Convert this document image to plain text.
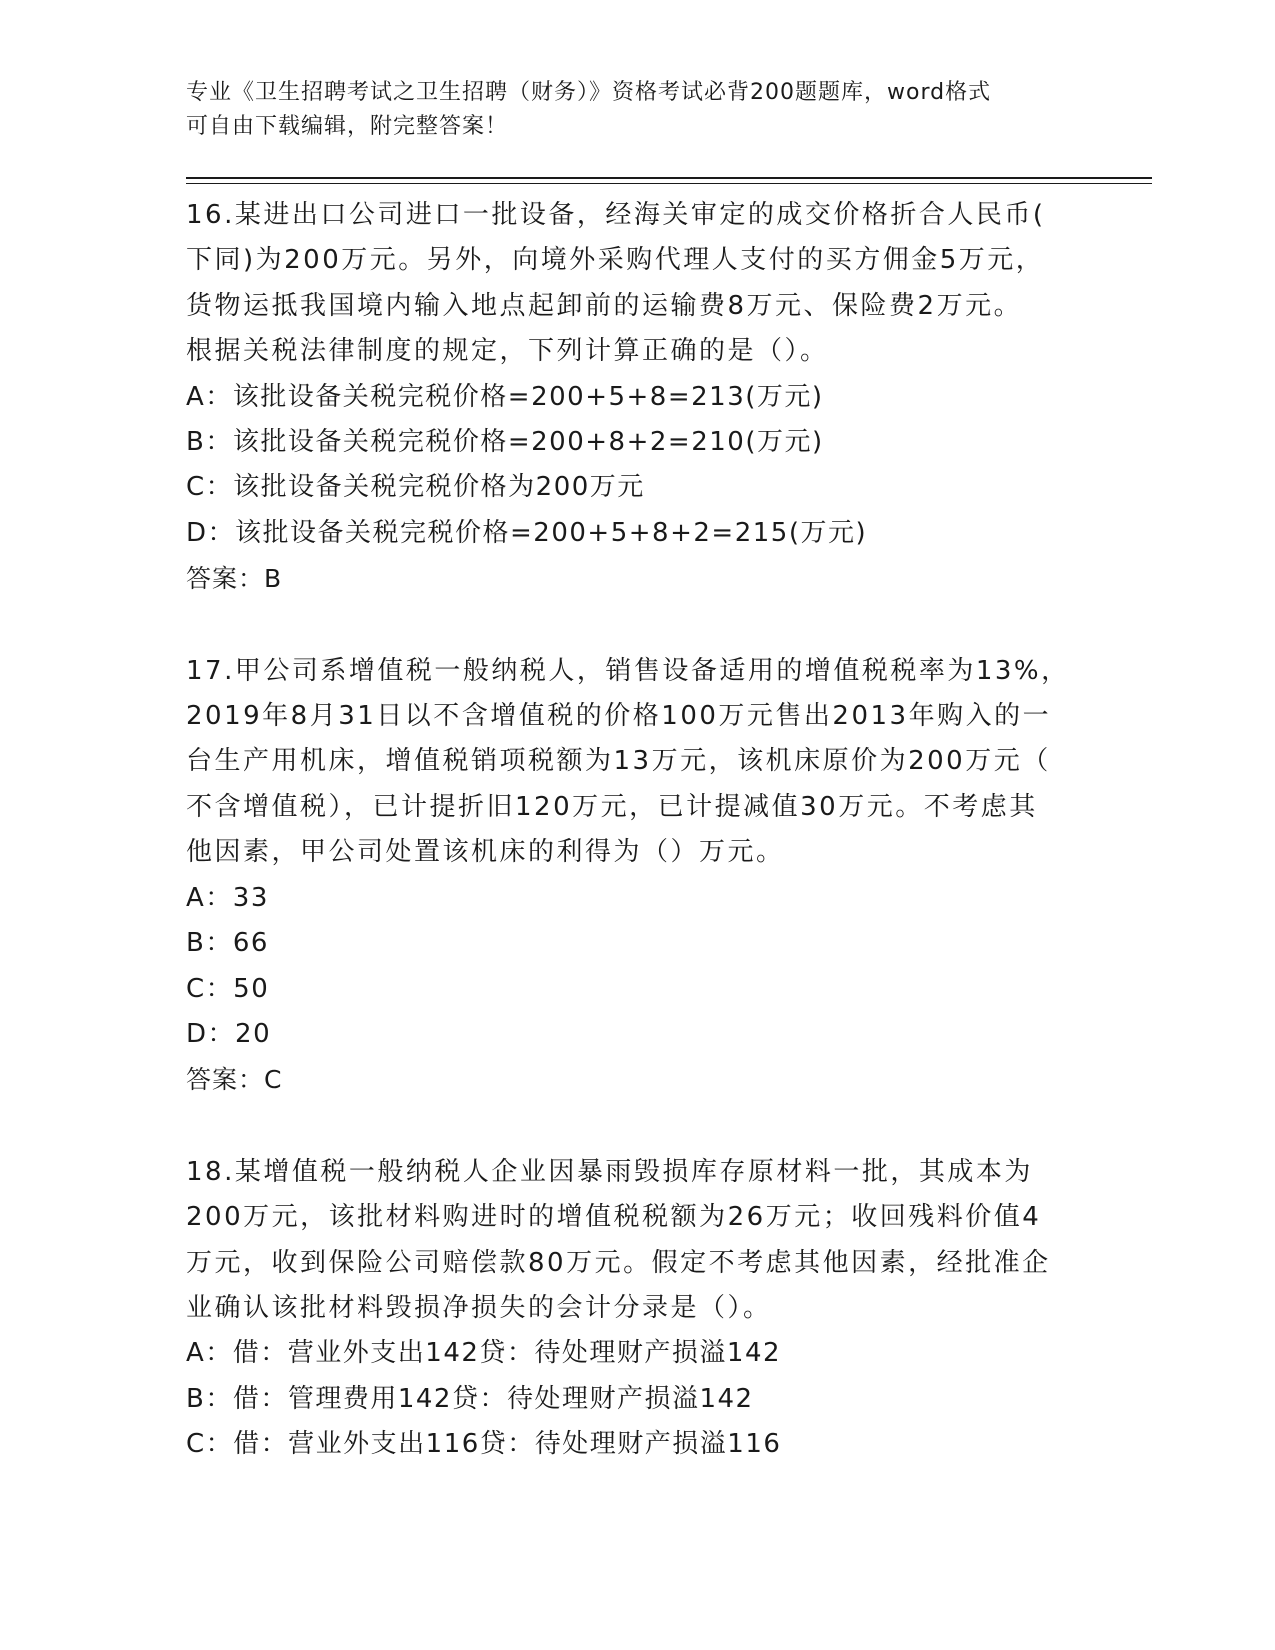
专业《卫生招聘考试之卫生招聘（财务）》资格考试必背200题题库，word格式
可自由下载编辑，附完整答案！
16.某进出口公司进口一批设备，经海关审定的成交价格折合人民币(
下同)为200万元。另外，向境外采购代理人支付的买方佣金5万元，
货物运抵我国境内输入地点起卸前的运输费8万元、保险费2万元。
根据关税法律制度的规定，下列计算正确的是（）。
A：该批设备关税完税价格=200+5+8=213(万元)
B：该批设备关税完税价格=200+8+2=210(万元)
C：该批设备关税完税价格为200万元
D：该批设备关税完税价格=200+5+8+2=215(万元)
答案：B
17.甲公司系增值税一般纳税人，销售设备适用的增值税税率为13%，
2019年8月31日以不含增值税的价格100万元售出2013年购入的一
台生产用机床，增值税销项税额为13万元，该机床原价为200万元（
不含增值税），已计提折旧120万元，已计提减值30万元。不考虑其
他因素，甲公司处置该机床的利得为（）万元。
A：33
B：66
C：50
D：20
答案：C
18.某增值税一般纳税人企业因暴雨毁损库存原材料一批，其成本为
200万元，该批材料购进时的增值税税额为26万元；收回残料价值4
万元，收到保险公司赔偿款80万元。假定不考虑其他因素，经批准企
业确认该批材料毁损净损失的会计分录是（）。
A：借：营业外支出142贷：待处理财产损溢142
B：借：管理费用142贷：待处理财产损溢142
C：借：营业外支出116贷：待处理财产损溢116
